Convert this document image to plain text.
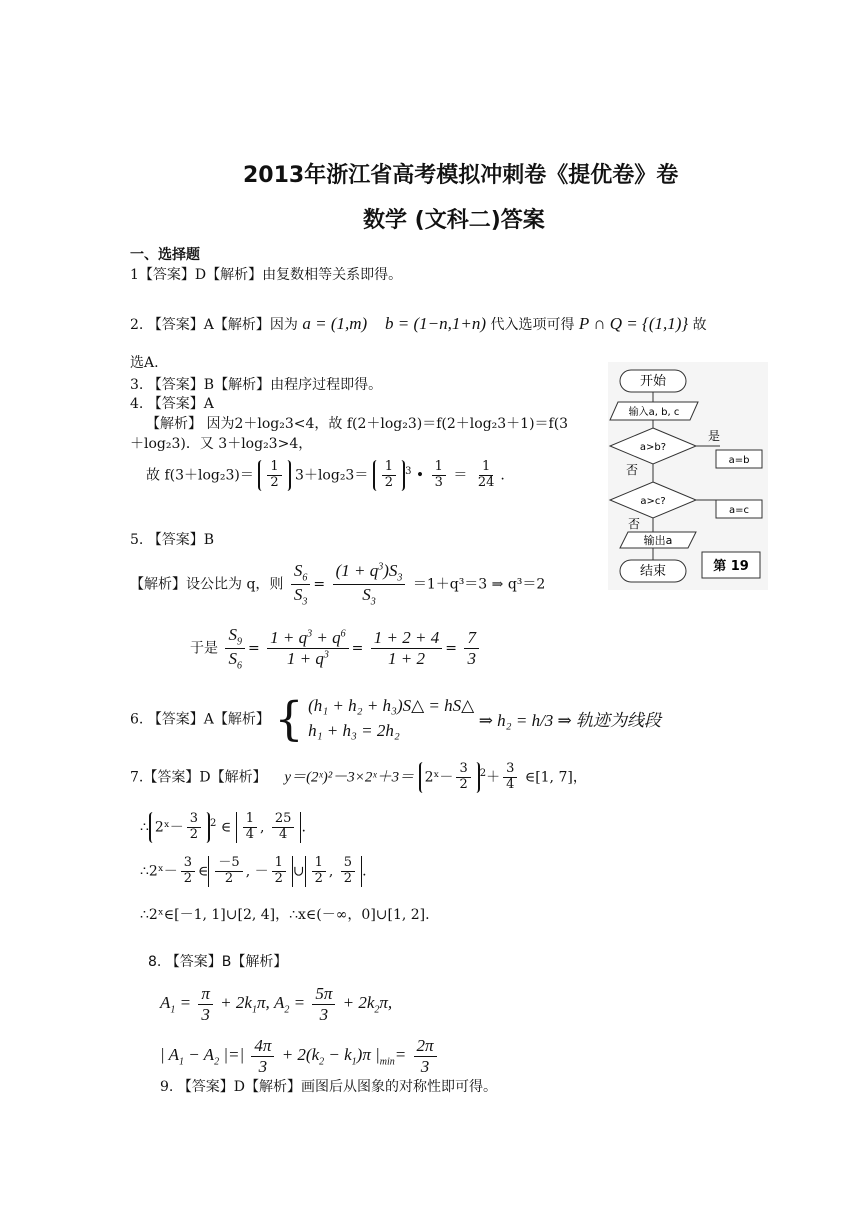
2013年浙江省高考模拟冲刺卷《提优卷》卷
数学 (文科二)答案
一、选择题
1【答案】D【解析】由复数相等关系即得。
2. 【答案】A【解析】因为 a = (1,m) b = (1−n,1+n) 代入选项可得 P ∩ Q = {(1,1)} 故
选A.
3. 【答案】B【解析】由程序过程即得。
4. 【答案】A
【解析】 因为2＋log₂3<4，故 f(2＋log₂3)＝f(2＋log₂3＋1)＝f(3
＋log₂3)．又 3＋log₂3>4，
故 $f(3+\log_23)= \frac{1}{2} 3+\log_23= \frac{1}{2} ^3$ • $\frac{1}{3} = \frac{1}{24}$ .
5. 【答案】B
【解析】设公比为 q，则 $\frac{S_6}{S_3} = \frac{(1 + q^3)S_3}{S_3} =1+q^3=3$ ⇒ q³＝2
于是 $\frac{S_9}{S_6} = \frac{1 + q^3 + q^6}{1 + q^3} = \frac{1 + 2 + 4}{1 + 2} = \frac{7}{3}$
6. 【答案】A【解析】 { (h₁ + h₂ + h₃)S△ = hS△
h₁ + h₃ = 2h₂	⇒ h₂ = h/3 ⇒ 轨迹为线段
7.【答案】D【解析】 y＝(2ˣ)²－3×2ˣ＋3＝ 2ˣ－ $\frac{3}{2} ^2+ \frac{3}{4}$ ∈[1, 7]，
∴ 2ˣ－ $\frac{3}{2} ^2$ ∈ $\frac{1}{4}$ , $\frac{25}{4}$ .
∴2ˣ－ $\frac{3}{2}$ ∈ $\frac{-5}{2}$ , － $\frac{1}{2}$ ∪ $\frac{1}{2}$ , $\frac{5}{2}$ .
∴2ˣ∈[－1, 1]∪[2, 4]，∴x∈(－∞，0]∪[1, 2].
8. 【答案】B【解析】
$A_1 = \frac{\pi}{3} + 2k_1\pi$, $A_2 = \frac{5\pi}{3} + 2k_2\pi$,
| $A_1 - A_2$ |=| $\frac{4\pi}{3} + 2(k_2 - k_1)\pi$ $|_{min}= \frac{2\pi}{3}$
9. 【答案】D【解析】画图后从图象的对称性即可得。
开始
输入a, b, c
a>b?
是
a=b
否
a>c?
a=c
否
输出a
结束	第 19
